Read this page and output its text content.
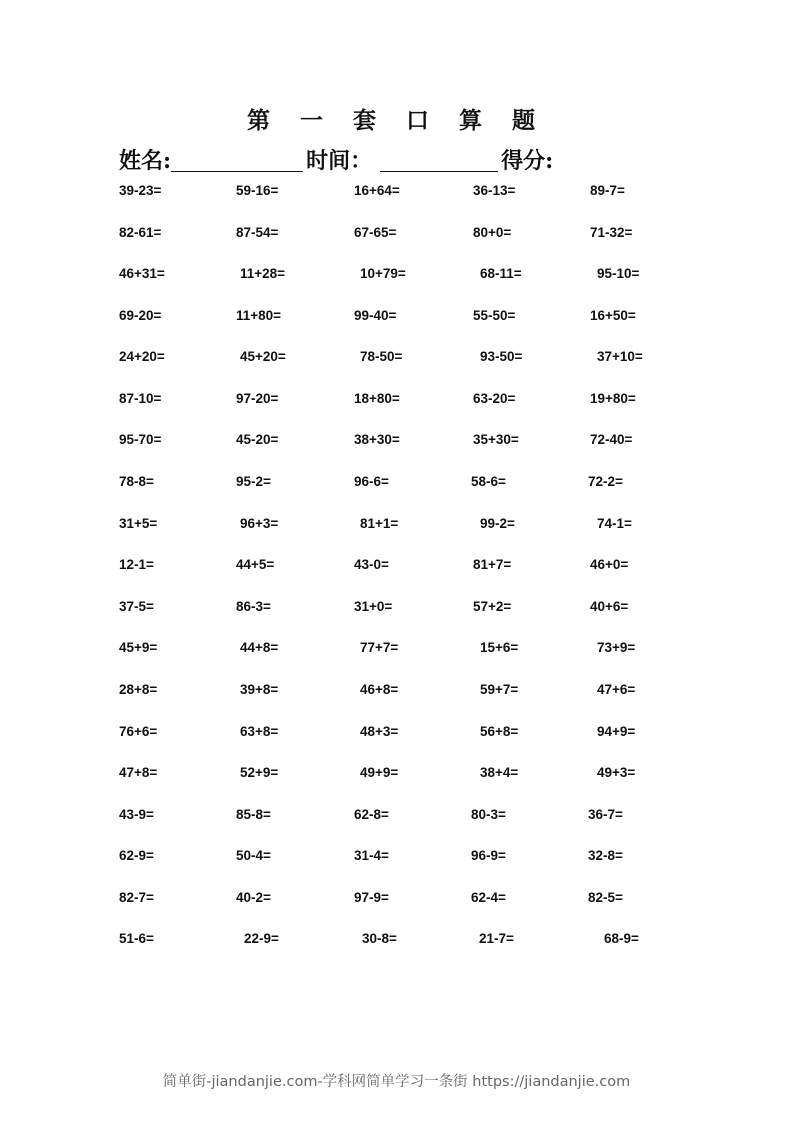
第 一 套 口 算 题
姓名:	时间：	得分:
39-23=	59-16=	16+64=	36-13=	89-7=
82-61=	87-54=	67-65=	80+0=	71-32=
46+31=	11+28=	10+79=	68-11=	95-10=
69-20=	11+80=	99-40=	55-50=	16+50=
24+20=	45+20=	78-50=	93-50=	37+10=
87-10=	97-20=	18+80=	63-20=	19+80=
95-70=	45-20=	38+30=	35+30=	72-40=
78-8=	95-2=	96-6=	58-6=	72-2=
31+5=	96+3=	81+1=	99-2=	74-1=
12-1=	44+5=	43-0=	81+7=	46+0=
37-5=	86-3=	31+0=	57+2=	40+6=
45+9=	44+8=	77+7=	15+6=	73+9=
28+8=	39+8=	46+8=	59+7=	47+6=
76+6=	63+8=	48+3=	56+8=	94+9=
47+8=	52+9=	49+9=	38+4=	49+3=
43-9=	85-8=	62-8=	80-3=	36-7=
62-9=	50-4=	31-4=	96-9=	32-8=
82-7=	40-2=	97-9=	62-4=	82-5=
51-6=	22-9=	30-8=	21-7=	68-9=
简单街-jiandanjie.com-学科网简单学习一条街 https://jiandanjie.com
